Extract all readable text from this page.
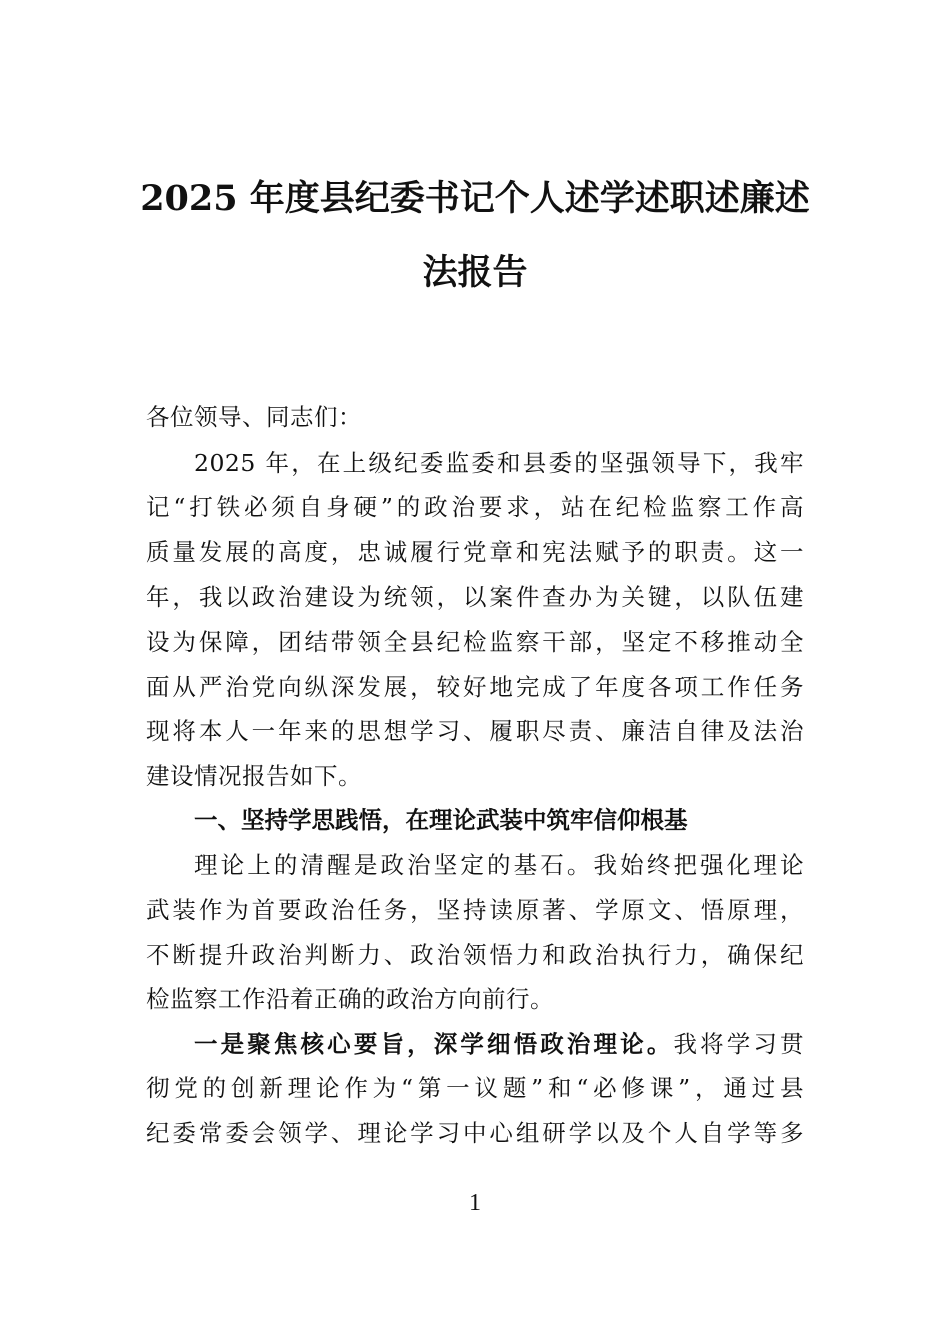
2025 年度县纪委书记个人述学述职述廉述
法报告

各位领导、同志们：

2025 年，在上级纪委监委和县委的坚强领导下，我牢

记“打铁必须自身硬”的政治要求，站在纪检监察工作高

质量发展的高度，忠诚履行党章和宪法赋予的职责。这一

年，我以政治建设为统领，以案件查办为关键，以队伍建

设为保障，团结带领全县纪检监察干部，坚定不移推动全

面从严治党向纵深发展，较好地完成了年度各项工作任务

现将本人一年来的思想学习、履职尽责、廉洁自律及法治

建设情况报告如下。

一、坚持学思践悟，在理论武装中筑牢信仰根基

理论上的清醒是政治坚定的基石。我始终把强化理论

武装作为首要政治任务，坚持读原著、学原文、悟原理，

不断提升政治判断力、政治领悟力和政治执行力，确保纪

检监察工作沿着正确的政治方向前行。

一是聚焦核心要旨，深学细悟政治理论。我将学习贯

彻党的创新理论作为“第一议题”和“必修课”，通过县

纪委常委会领学、理论学习中心组研学以及个人自学等多

1
